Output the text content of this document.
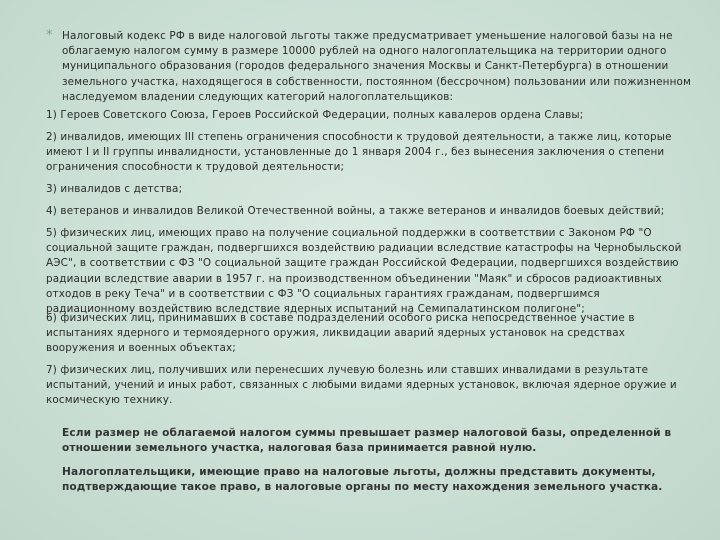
* Налоговый кодекс РФ в виде налоговой льготы также предусматривает уменьшение налоговой базы на не облагаемую налогом сумму в размере 10000 рублей на одного налогоплательщика на территории одного муниципального образования (городов федерального значения Москвы и Санкт-Петербурга) в отношении земельного участка, находящегося в собственности, постоянном (бессрочном) пользовании или пожизненном наследуемом владении следующих категорий налогоплательщиков:
1) Героев Советского Союза, Героев Российской Федерации, полных кавалеров ордена Славы;
2) инвалидов, имеющих III степень ограничения способности к трудовой деятельности, а также лиц, которые имеют I и II группы инвалидности, установленные до 1 января 2004 г., без вынесения заключения о степени ограничения способности к трудовой деятельности;
3) инвалидов с детства;
4) ветеранов и инвалидов Великой Отечественной войны, а также ветеранов и инвалидов боевых действий;
5) физических лиц, имеющих право на получение социальной поддержки в соответствии с Законом РФ "О социальной защите граждан, подвергшихся воздействию радиации вследствие катастрофы на Чернобыльской АЭС", в соответствии с ФЗ "О социальной защите граждан Российской Федерации, подвергшихся воздействию радиации вследствие аварии в 1957 г. на производственном объединении "Маяк" и сбросов радиоактивных отходов в реку Теча" и в соответствии с ФЗ "О социальных гарантиях гражданам, подвергшимся радиационному воздействию вследствие ядерных испытаний на Семипалатинском полигоне";
6) физических лиц, принимавших в составе подразделений особого риска непосредственное участие в испытаниях ядерного и термоядерного оружия, ликвидации аварий ядерных установок на средствах вооружения и военных объектах;
7) физических лиц, получивших или перенесших лучевую болезнь или ставших инвалидами в результате испытаний, учений и иных работ, связанных с любыми видами ядерных установок, включая ядерное оружие и космическую технику.
Если размер не облагаемой налогом суммы превышает размер налоговой базы, определенной в отношении земельного участка, налоговая база принимается равной нулю.
Налогоплательщики, имеющие право на налоговые льготы, должны представить документы, подтверждающие такое право, в налоговые органы по месту нахождения земельного участка.
